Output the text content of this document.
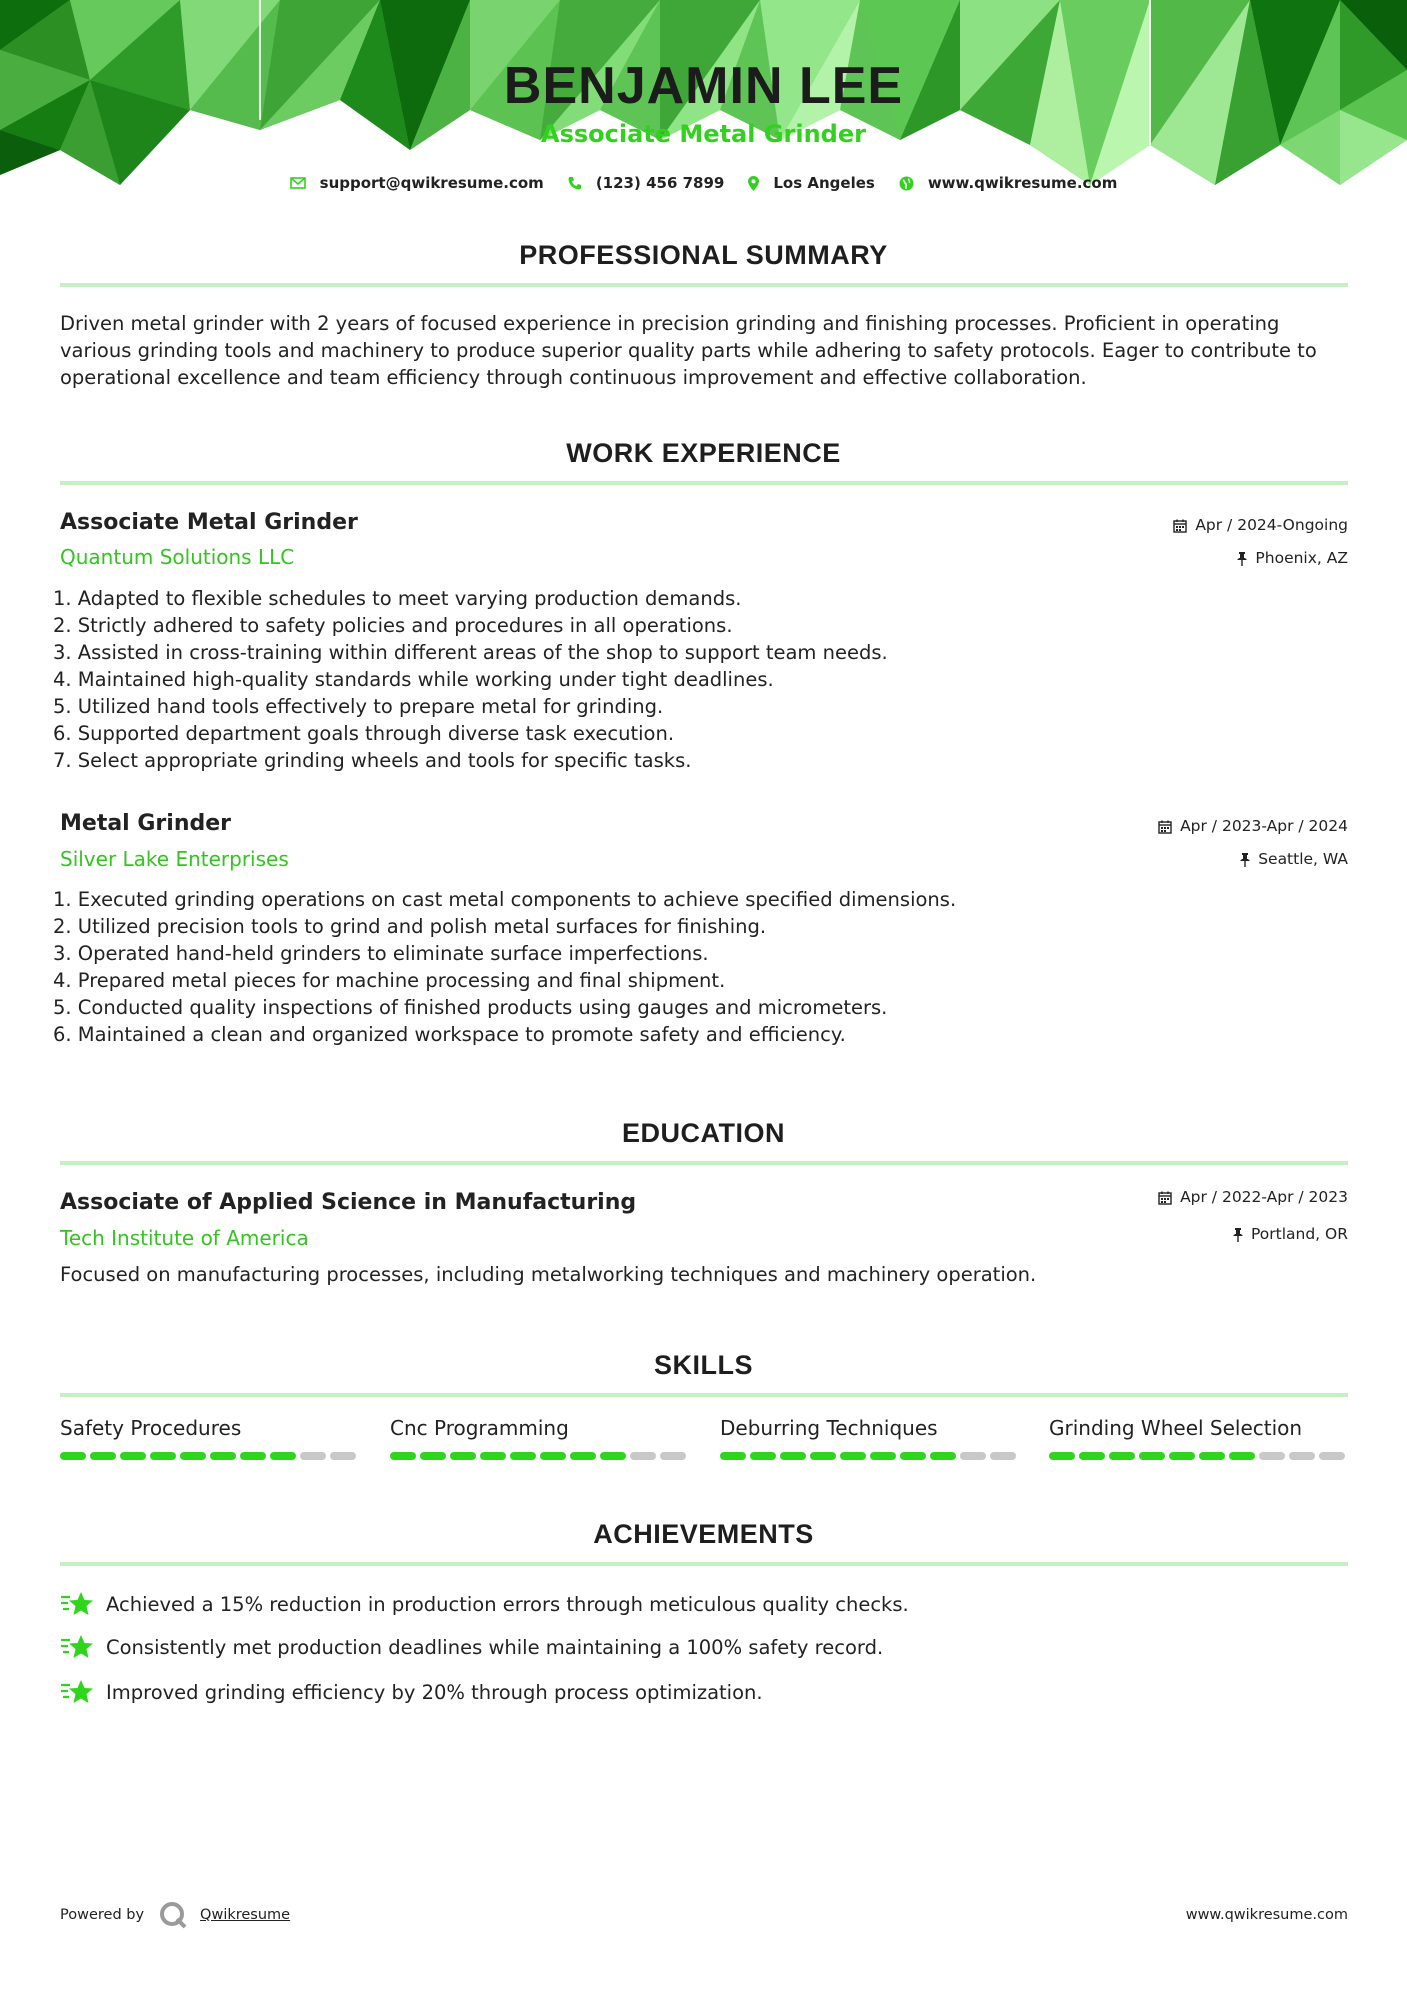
BENJAMIN LEE
Associate Metal Grinder
support@qwikresume.com	(123) 456 7899	Los Angeles	www.qwikresume.com
PROFESSIONAL SUMMARY

Driven metal grinder with 2 years of focused experience in precision grinding and finishing processes. Proficient in operating various grinding tools and machinery to produce superior quality parts while adhering to safety protocols. Eager to contribute to operational excellence and team efficiency through continuous improvement and effective collaboration.

WORK EXPERIENCE
Associate Metal Grinder
Quantum Solutions LLC
Apr / 2024-Ongoing
Phoenix, AZ
1. Adapted to flexible schedules to meet varying production demands.
2. Strictly adhered to safety policies and procedures in all operations.
3. Assisted in cross-training within different areas of the shop to support team needs.
4. Maintained high-quality standards while working under tight deadlines.
5. Utilized hand tools effectively to prepare metal for grinding.
6. Supported department goals through diverse task execution.
7. Select appropriate grinding wheels and tools for specific tasks.
Metal Grinder
Silver Lake Enterprises
Apr / 2023-Apr / 2024
Seattle, WA
1. Executed grinding operations on cast metal components to achieve specified dimensions.
2. Utilized precision tools to grind and polish metal surfaces for finishing.
3. Operated hand-held grinders to eliminate surface imperfections.
4. Prepared metal pieces for machine processing and final shipment.
5. Conducted quality inspections of finished products using gauges and micrometers.
6. Maintained a clean and organized workspace to promote safety and efficiency.
EDUCATION
Associate of Applied Science in Manufacturing
Tech Institute of America
Apr / 2022-Apr / 2023
Portland, OR

Focused on manufacturing processes, including metalworking techniques and machinery operation.

SKILLS
Safety Procedures	Cnc Programming	Deburring Techniques	Grinding Wheel Selection
ACHIEVEMENTS
Achieved a 15% reduction in production errors through meticulous quality checks.
Consistently met production deadlines while maintaining a 100% safety record.
Improved grinding efficiency by 20% through process optimization.
Powered by	Qwikresume	www.qwikresume.com
